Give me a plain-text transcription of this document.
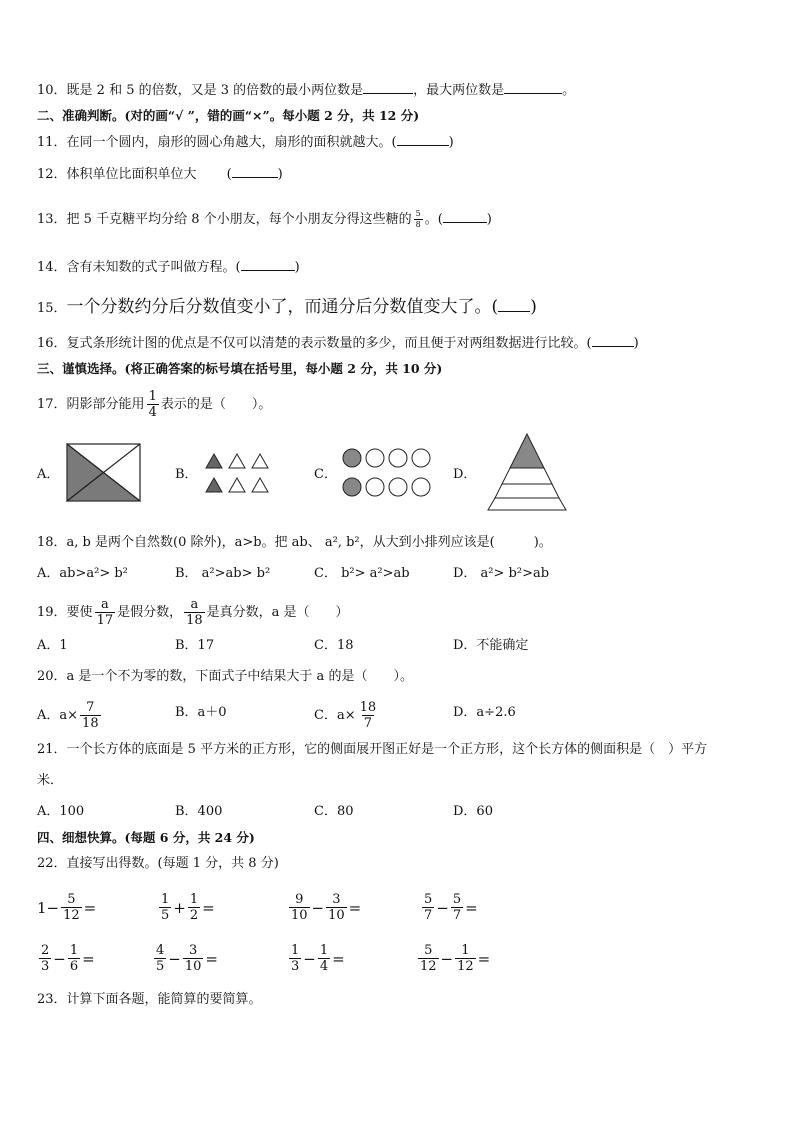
10．既是 2 和 5 的倍数，又是 3 的倍数的最小两位数是	，最大两位数是	。
二、准确判断。(对的画“√ ”，错的画“×”。每小题 2 分，共 12 分)
11．在同一个圆内，扇形的圆心角越大，扇形的面积就越大。(	)
12．体积单位比面积单位大 (	)
13．把 5 千克糖平均分给 8 个小朋友，每个小朋友分得这些糖的 $\frac{5}{8}$ 。(	)
14．含有未知数的式子叫做方程。(	)
15．一个分数约分后分数值变小了，而通分后分数值变大了。( )
16．复式条形统计图的优点是不仅可以清楚的表示数量的多少，而且便于对两组数据进行比较。(	)
三、谨慎选择。(将正确答案的标号填在括号里，每小题 2 分，共 10 分)
17．阴影部分能用 $\frac{1}{4}$ 表示的是（　　）。
A．	B．	C．	D．
18．a, b 是两个自然数(0 除外)，a>b。把 ab、 a², b²，从大到小排列应该是(　　　)。
A．ab>a²> b²	B． a²>ab> b²	C． b²> a²>ab	D． a²> b²>ab
19．要使 $\frac{a}{17}$ 是假分数， $\frac{a}{18}$ 是真分数，a 是（　　）
A．1	B．17	C．18	D．不能确定
20．a 是一个不为零的数，下面式子中结果大于 a 的是（　　）。
A．$a\times \frac{7}{18}$	B．a＋0	C．$a\times \frac{18}{7}$	D．a÷2.6
21．一个长方体的底面是 5 平方米的正方形，它的侧面展开图正好是一个正方形，这个长方体的侧面积是（　）平方
米．
A．100	B．400	C．80	D．60
四、细想快算。(每题 6 分，共 24 分)
22．直接写出得数。(每题 1 分，共 8 分)
$1- \frac{5}{12}$ =	$\frac{1}{5} + \frac{1}{2}$ =	$\frac{9}{10} - \frac{3}{10}$ =	$\frac{5}{7} - \frac{5}{7}$ =
$\frac{2}{3} - \frac{1}{6}$ =	$\frac{4}{5} - \frac{3}{10}$ =	$\frac{1}{3} - \frac{1}{4}$ =	$\frac{5}{12} - \frac{1}{12}$ =
23．计算下面各题，能简算的要简算。
